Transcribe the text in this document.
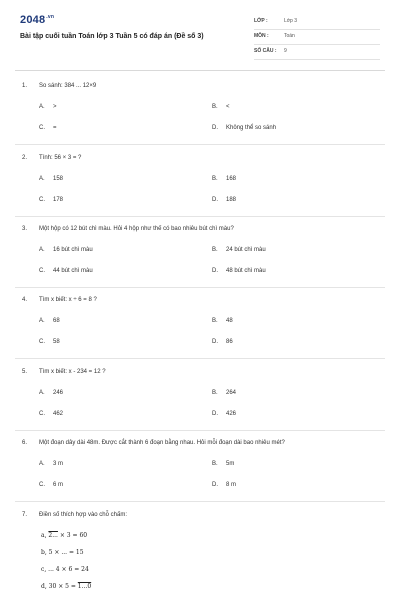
$2048^{.vn}$
Bài tập cuối tuần Toán lớp 3 Tuần 5 có đáp án (Đề số 3)
LỚP :	Lớp 3
MÔN :	Toán
SỐ CÂU : 9
1. So sánh: 384 ... 12×9
A. >	B. <
C. =	D. Không thể so sánh
2. Tính: 56 × 3 = ?
A. 158	B. 168
C. 178	D. 188
3. Một hộp có 12 bút chì màu. Hỏi 4 hộp như thế có bao nhiêu bút chì màu?
A. 16 bút chì màu	B. 24 bút chì màu
C. 44 bút chì màu	D. 48 bút chì màu
4. Tìm x biết: x ÷ 6 = 8 ?
A. 68	B. 48
C. 58	D. 86
5. Tìm x biết: x - 234 = 12 ?
A. 246	B. 264
C. 462	D. 426
6. Một đoạn dây dài 48m. Được cắt thành 6 đoạn bằng nhau. Hỏi mỗi đoạn dài bao nhiêu mét?
A. 3 m	B. 5m
C. 6 m	D. 8 m
7. Điền số thích hợp vào chỗ chấm:
a, 2... × 3 = 60
b, 5 × ... = 15
c, ... 4 × 6 = 24
d, 30 × 5 = 1...0
